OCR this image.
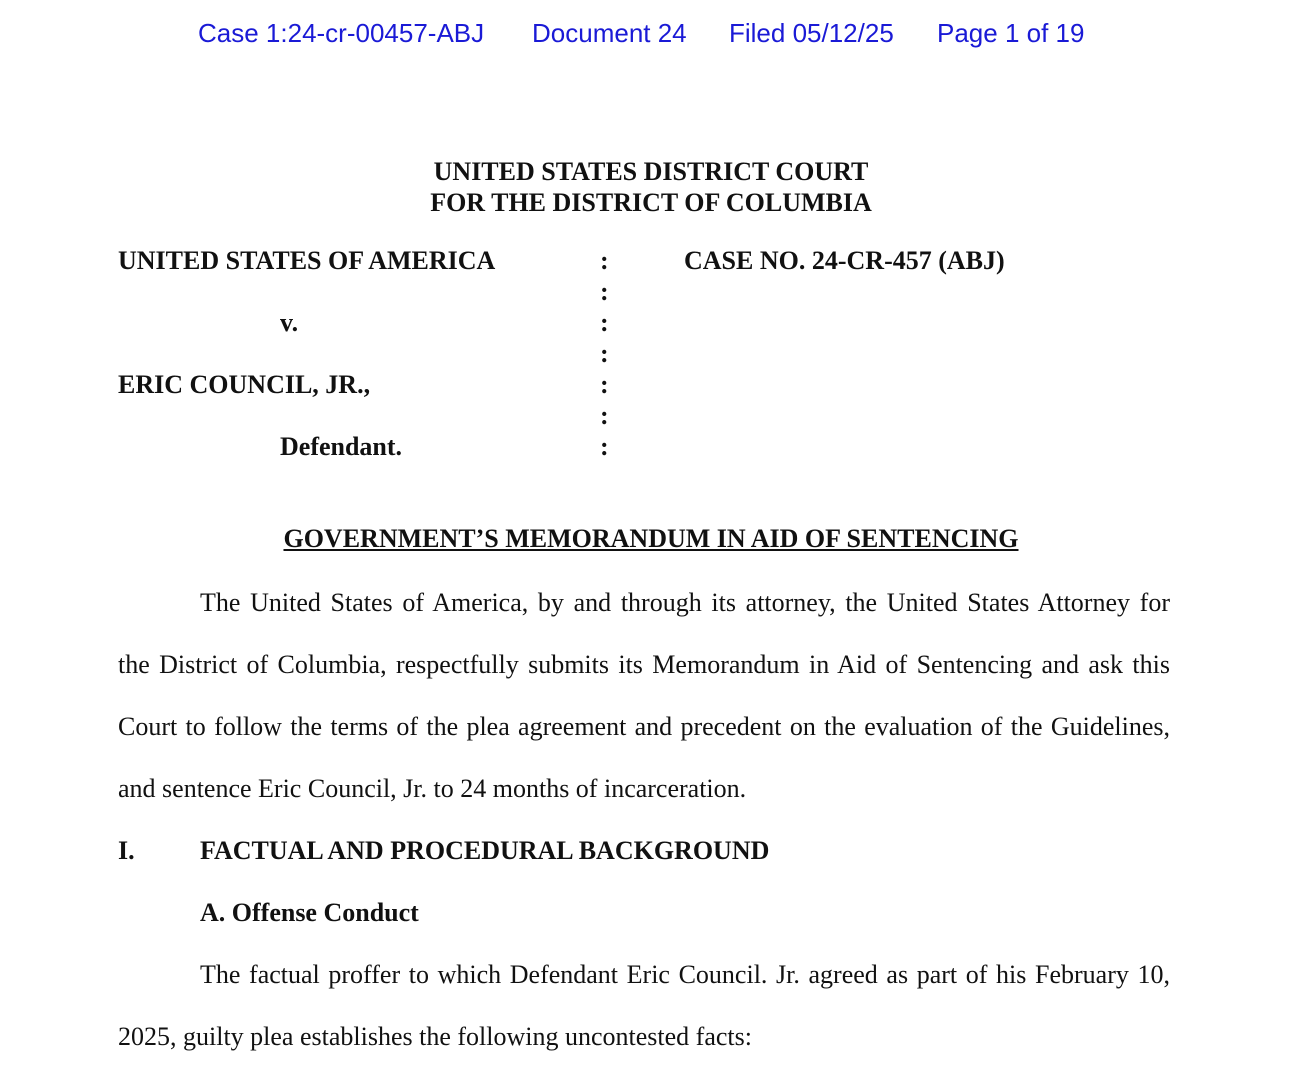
Case 1:24-cr-00457-ABJ Document 24 Filed 05/12/25 Page 1 of 19
UNITED STATES DISTRICT COURT
FOR THE DISTRICT OF COLUMBIA
UNITED STATES OF AMERICA
v.
ERIC COUNCIL, JR.,
Defendant.
:
:
:
:
:
:
:
CASE NO. 24-CR-457 (ABJ)
GOVERNMENT’S MEMORANDUM IN AID OF SENTENCING
The United States of America, by and through its attorney, the United States Attorney for
the District of Columbia, respectfully submits its Memorandum in Aid of Sentencing and ask this
Court to follow the terms of the plea agreement and precedent on the evaluation of the Guidelines,
and sentence Eric Council, Jr. to 24 months of incarceration.
I.	FACTUAL AND PROCEDURAL BACKGROUND
A. Offense Conduct
The factual proffer to which Defendant Eric Council. Jr. agreed as part of his February 10,
2025, guilty plea establishes the following uncontested facts:
